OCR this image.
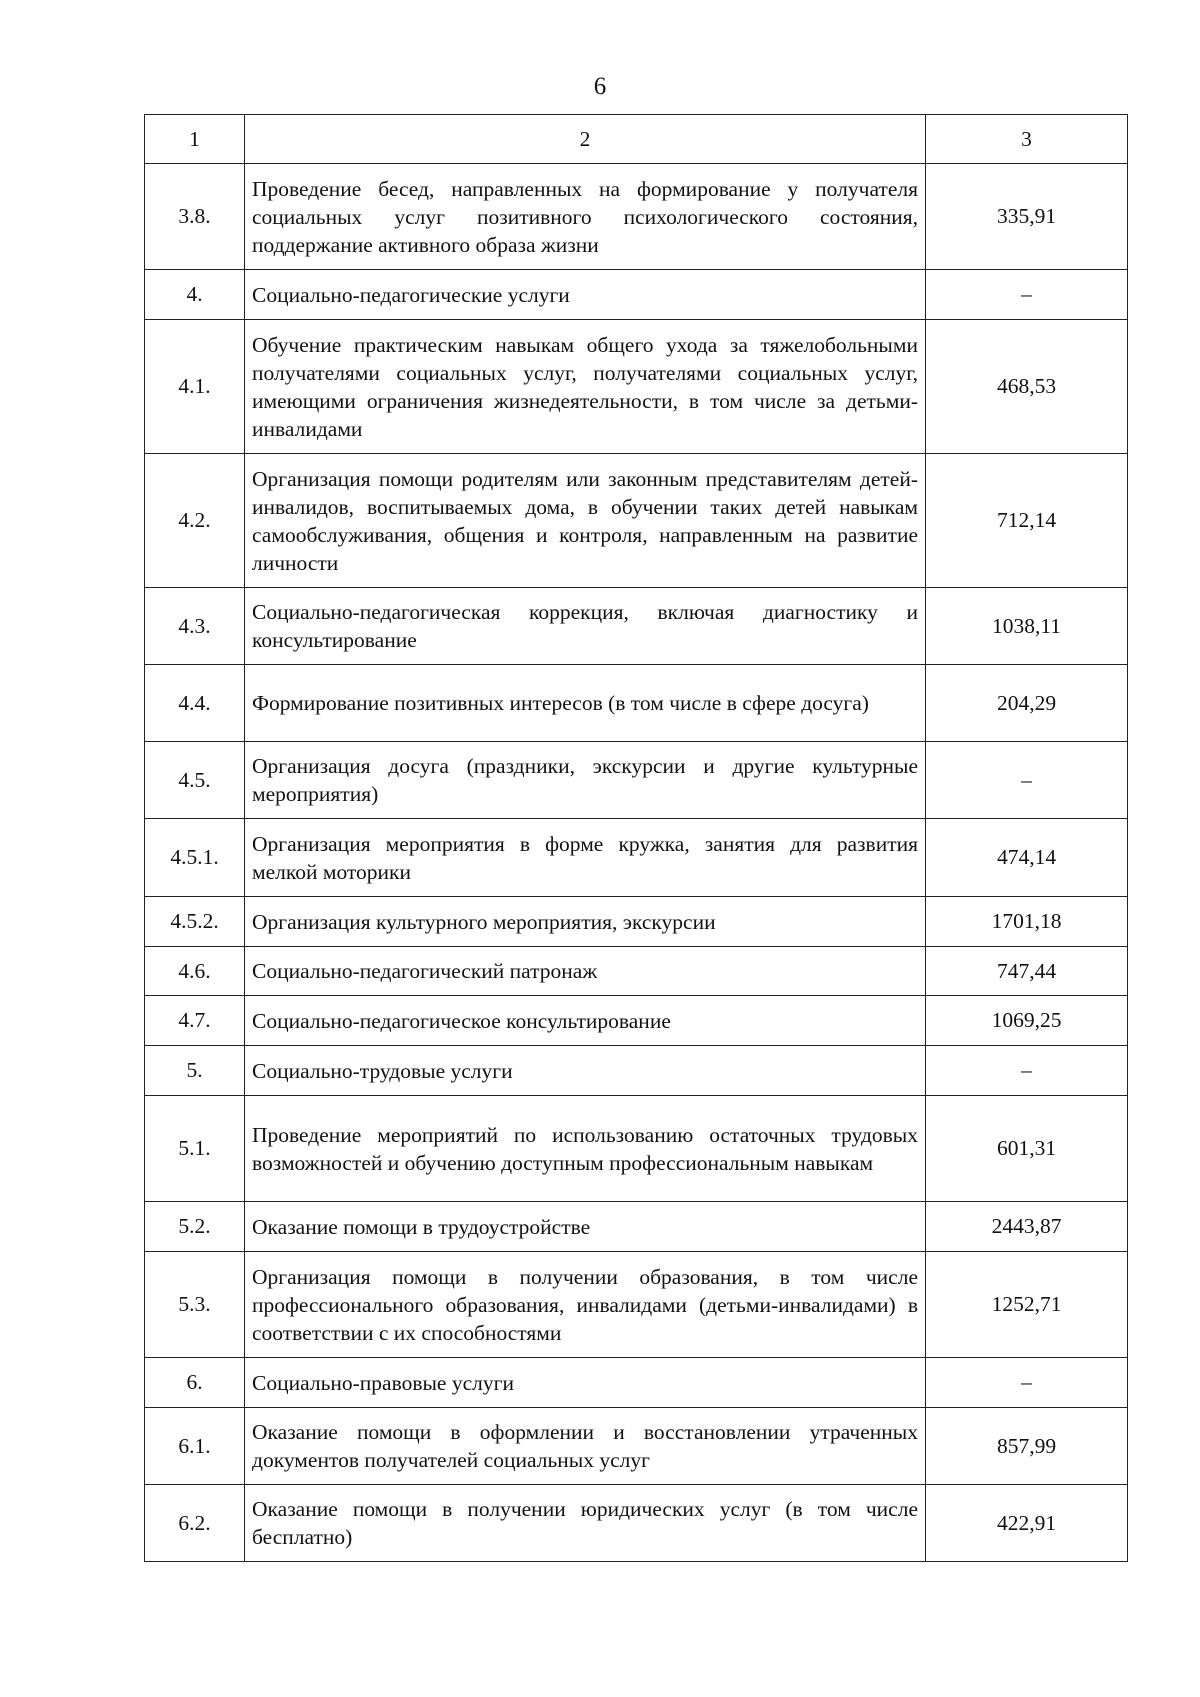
6
1	2	3
3.8.	Проведение бесед, направленных на формирование у получателя социальных услуг позитивного психологического состояния, поддержание активного образа жизни	335,91
4.	Социально-педагогические услуги	–
4.1.	Обучение практическим навыкам общего ухода за тяжелобольными получателями социальных услуг, получателями социальных услуг, имеющими ограничения жизнедеятельности, в том числе за детьми-инвалидами	468,53
4.2.	Организация помощи родителям или законным представителям детей-инвалидов, воспитываемых дома, в обучении таких детей навыкам самообслуживания, общения и контроля, направленным на развитие личности	712,14
4.3.	Социально-педагогическая коррекция, включая диагностику и консультирование	1038,11
4.4.	Формирование позитивных интересов (в том числе в сфере досуга)	204,29
4.5.	Организация досуга (праздники, экскурсии и другие культурные мероприятия)	–
4.5.1.	Организация мероприятия в форме кружка, занятия для развития мелкой моторики	474,14
4.5.2.	Организация культурного мероприятия, экскурсии	1701,18
4.6.	Социально-педагогический патронаж	747,44
4.7.	Социально-педагогическое консультирование	1069,25
5.	Социально-трудовые услуги	–
5.1.	Проведение мероприятий по использованию остаточных трудовых возможностей и обучению доступным профессиональным навыкам	601,31
5.2.	Оказание помощи в трудоустройстве	2443,87
5.3.	Организация помощи в получении образования, в том числе профессионального образования, инвалидами (детьми-инвалидами) в соответствии с их способностями	1252,71
6.	Социально-правовые услуги	–
6.1.	Оказание помощи в оформлении и восстановлении утраченных документов получателей социальных услуг	857,99
6.2.	Оказание помощи в получении юридических услуг (в том числе бесплатно)	422,91
